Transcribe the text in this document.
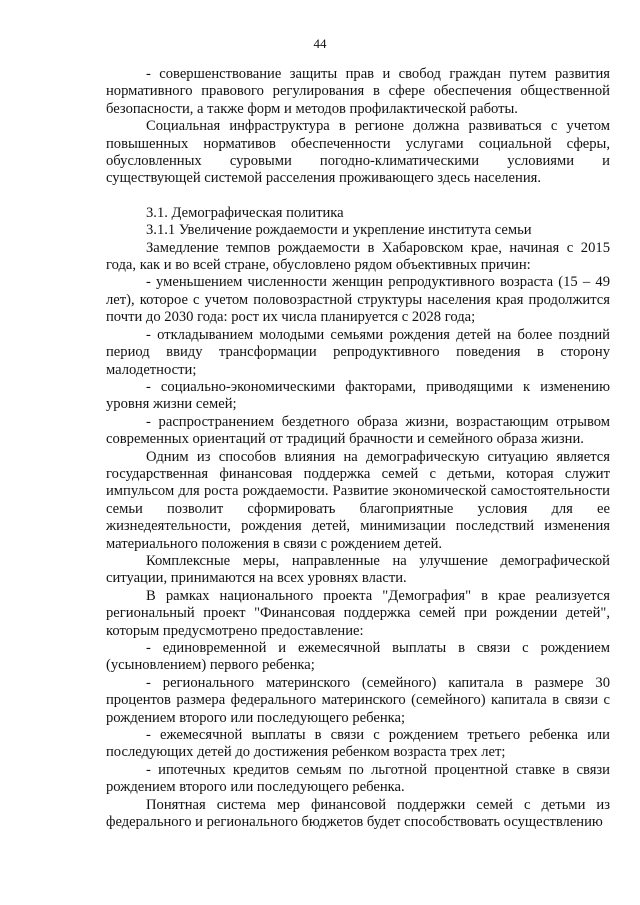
44

- совершенствование защиты прав и свобод граждан путем развития нормативного правового регулирования в сфере обеспечения общественной безопасности, а также форм и методов профилактической работы.

Социальная инфраструктура в регионе должна развиваться с учетом повышенных нормативов обеспеченности услугами социальной сферы, обусловленных суровыми погодно-климатическими условиями и существующей системой расселения проживающего здесь населения.

3.1. Демографическая политика

3.1.1 Увеличение рождаемости и укрепление института семьи

Замедление темпов рождаемости в Хабаровском крае, начиная с 2015 года, как и во всей стране, обусловлено рядом объективных причин:

- уменьшением численности женщин репродуктивного возраста (15 – 49 лет), которое с учетом половозрастной структуры населения края продолжится почти до 2030 года: рост их числа планируется с 2028 года;

- откладыванием молодыми семьями рождения детей на более поздний период ввиду трансформации репродуктивного поведения в сторону малодетности;

- социально-экономическими факторами, приводящими к изменению уровня жизни семей;

- распространением бездетного образа жизни, возрастающим отрывом современных ориентаций от традиций брачности и семейного образа жизни.

Одним из способов влияния на демографическую ситуацию является государственная финансовая поддержка семей с детьми, которая служит импульсом для роста рождаемости. Развитие экономической самостоятельности семьи позволит сформировать благоприятные условия для ее жизнедеятельности, рождения детей, минимизации последствий изменения материального положения в связи с рождением детей.

Комплексные меры, направленные на улучшение демографической ситуации, принимаются на всех уровнях власти.

В рамках национального проекта "Демография" в крае реализуется региональный проект "Финансовая поддержка семей при рождении детей", которым предусмотрено предоставление:

- единовременной и ежемесячной выплаты в связи с рождением (усыновлением) первого ребенка;

- регионального материнского (семейного) капитала в размере 30 процентов размера федерального материнского (семейного) капитала в связи с рождением второго или последующего ребенка;

- ежемесячной выплаты в связи с рождением третьего ребенка или последующих детей до достижения ребенком возраста трех лет;

- ипотечных кредитов семьям по льготной процентной ставке в связи рождением второго или последующего ребенка.

Понятная система мер финансовой поддержки семей с детьми из федерального и регионального бюджетов будет способствовать осуществлению
